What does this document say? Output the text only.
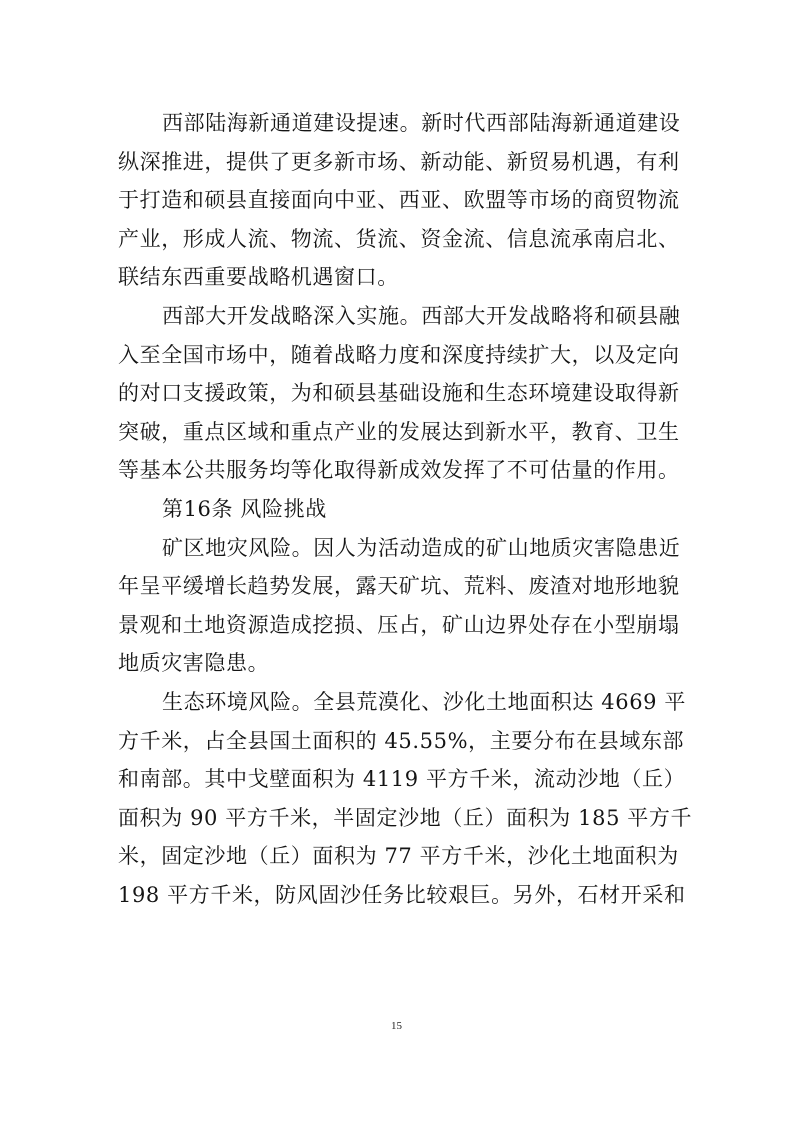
西部陆海新通道建设提速。新时代西部陆海新通道建设
纵深推进，提供了更多新市场、新动能、新贸易机遇，有利
于打造和硕县直接面向中亚、西亚、欧盟等市场的商贸物流
产业，形成人流、物流、货流、资金流、信息流承南启北、
联结东西重要战略机遇窗口。
西部大开发战略深入实施。西部大开发战略将和硕县融
入至全国市场中，随着战略力度和深度持续扩大，以及定向
的对口支援政策，为和硕县基础设施和生态环境建设取得新
突破，重点区域和重点产业的发展达到新水平，教育、卫生
等基本公共服务均等化取得新成效发挥了不可估量的作用。
第16条 风险挑战
矿区地灾风险。因人为活动造成的矿山地质灾害隐患近
年呈平缓增长趋势发展，露天矿坑、荒料、废渣对地形地貌
景观和土地资源造成挖损、压占，矿山边界处存在小型崩塌
地质灾害隐患。
生态环境风险。全县荒漠化、沙化土地面积达 4669 平
方千米，占全县国土面积的 45.55%，主要分布在县域东部
和南部。其中戈壁面积为 4119 平方千米，流动沙地（丘）
面积为 90 平方千米，半固定沙地（丘）面积为 185 平方千
米，固定沙地（丘）面积为 77 平方千米，沙化土地面积为
198 平方千米，防风固沙任务比较艰巨。另外，石材开采和
15
